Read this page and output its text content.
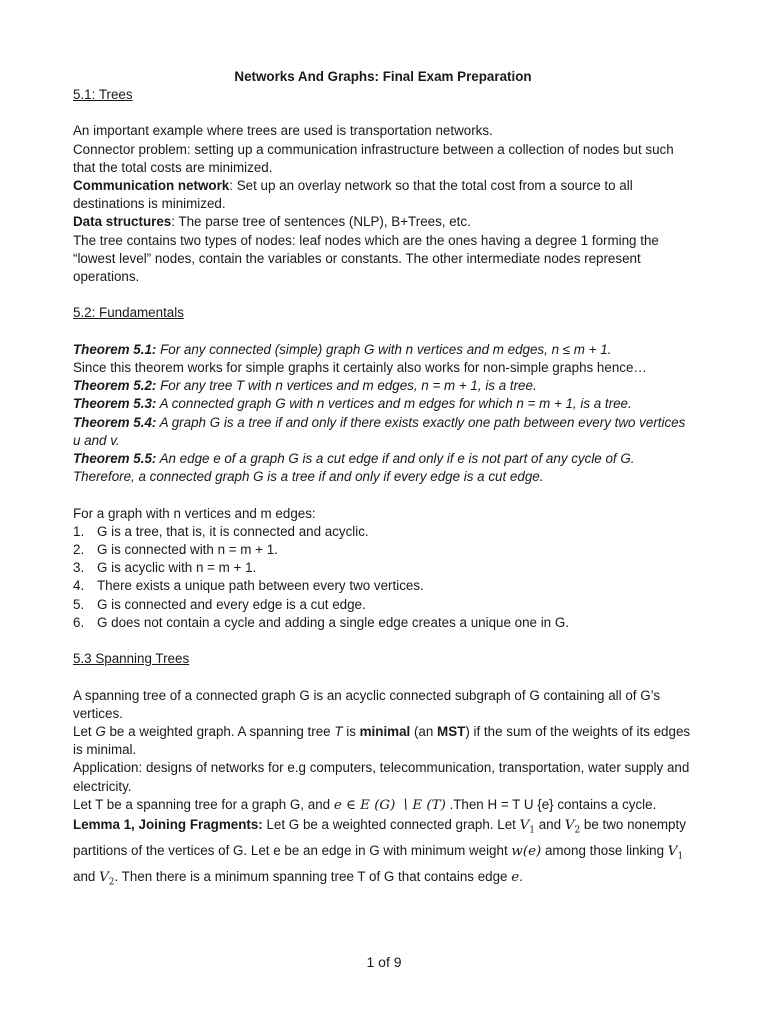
Networks And Graphs: Final Exam Preparation

5.1: Trees

An important example where trees are used is transportation networks.

Connector problem: setting up a communication infrastructure between a collection of nodes but such that the total costs are minimized.

Communication network: Set up an overlay network so that the total cost from a source to all destinations is minimized.

Data structures: The parse tree of sentences (NLP), B+Trees, etc.

The tree contains two types of nodes: leaf nodes which are the ones having a degree 1 forming the “lowest level” nodes, contain the variables or constants. The other intermediate nodes represent operations.

5.2: Fundamentals

Theorem 5.1: For any connected (simple) graph G with n vertices and m edges, n ≤ m + 1.

Since this theorem works for simple graphs it certainly also works for non-simple graphs hence…

Theorem 5.2: For any tree T with n vertices and m edges, n = m + 1, is a tree.

Theorem 5.3: A connected graph G with n vertices and m edges for which n = m + 1, is a tree.

Theorem 5.4: A graph G is a tree if and only if there exists exactly one path between every two vertices u and v.

Theorem 5.5: An edge e of a graph G is a cut edge if and only if e is not part of any cycle of G. Therefore, a connected graph G is a tree if and only if every edge is a cut edge.

For a graph with n vertices and m edges:

1. G is a tree, that is, it is connected and acyclic.
2. G is connected with n = m + 1.
3. G is acyclic with n = m + 1.
4. There exists a unique path between every two vertices.
5. G is connected and every edge is a cut edge.
6. G does not contain a cycle and adding a single edge creates a unique one in G.

5.3 Spanning Trees

A spanning tree of a connected graph G is an acyclic connected subgraph of G containing all of G’s vertices.

Let G be a weighted graph. A spanning tree T is minimal (an MST) if the sum of the weights of its edges is minimal.

Application: designs of networks for e.g computers, telecommunication, transportation, water supply and electricity.

Let T be a spanning tree for a graph G, and e ∈ E (G) ∖ E (T) .Then H = T U {e} contains a cycle.

Lemma 1, Joining Fragments: Let G be a weighted connected graph. Let $V_1$ and $V_2$ be two nonempty partitions of the vertices of G. Let e be an edge in G with minimum weight w(e) among those linking $V_1$ and $V_2$. Then there is a minimum spanning tree T of G that contains edge e.

1 of 9
